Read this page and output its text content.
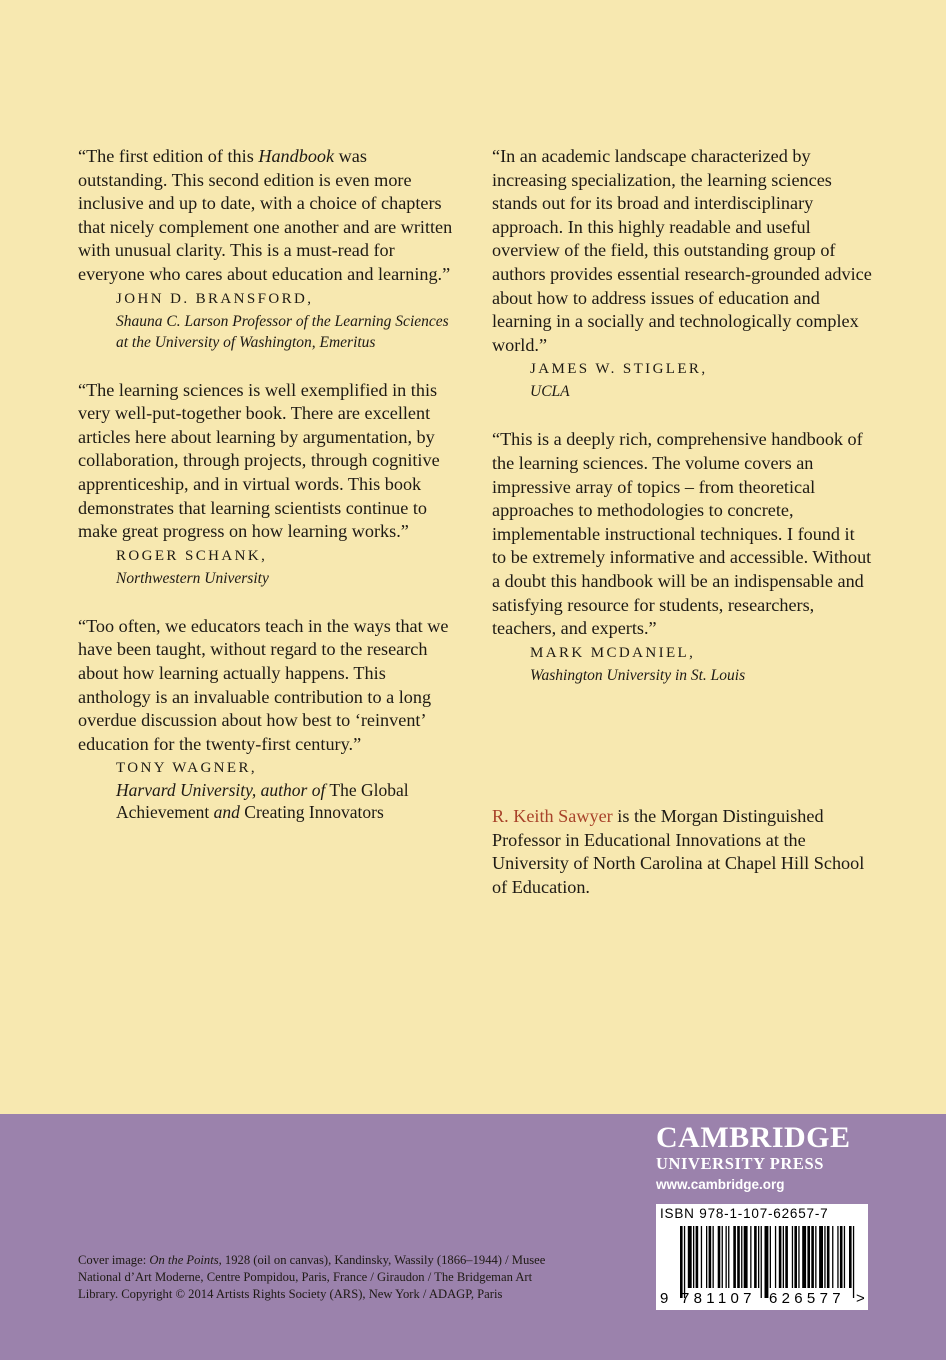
“The first edition of this Handbook was outstanding. This second edition is even more inclusive and up to date, with a choice of chapters that nicely complement one another and are written with unusual clarity. This is a must-read for everyone who cares about education and learning.”

JOHN D. BRANSFORD,
Shauna C. Larson Professor of the Learning Sciences
at the University of Washington, Emeritus

“The learning sciences is well exemplified in this very well-put-together book. There are excellent articles here about learning by argumentation, by collaboration, through projects, through cognitive apprenticeship, and in virtual words. This book demonstrates that learning scientists continue to make great progress on how learning works.”

ROGER SCHANK,
Northwestern University

“Too often, we educators teach in the ways that we have been taught, without regard to the research about how learning actually happens. This anthology is an invaluable contribution to a long overdue discussion about how best to ‘reinvent’ education for the twenty-first century.”

TONY WAGNER,
Harvard University, author of The Global
Achievement and Creating Innovators

“In an academic landscape characterized by increasing specialization, the learning sciences stands out for its broad and interdisciplinary approach. In this highly readable and useful overview of the field, this outstanding group of authors provides essential research-grounded advice about how to address issues of education and learning in a socially and technologically complex world.”

JAMES W. STIGLER,
UCLA

“This is a deeply rich, comprehensive handbook of the learning sciences. The volume covers an impressive array of topics – from theoretical approaches to methodologies to concrete, implementable instructional techniques. I found it to be extremely informative and accessible. Without a doubt this handbook will be an indispensable and satisfying resource for students, researchers, teachers, and experts.”

MARK MCDANIEL,
Washington University in St. Louis

R. Keith Sawyer is the Morgan Distinguished Professor in Educational Innovations at the University of North Carolina at Chapel Hill School of Education.

CAMBRIDGE

UNIVERSITY PRESS

www.cambridge.org

Cover image: On the Points, 1928 (oil on canvas), Kandinsky, Wassily (1866–1944) / Musee National d’Art Moderne, Centre Pompidou, Paris, France / Giraudon / The Bridgeman Art Library. Copyright © 2014 Artists Rights Society (ARS), New York / ADAGP, Paris

ISBN 978-1-107-62657-7
9 781107 626577 >
